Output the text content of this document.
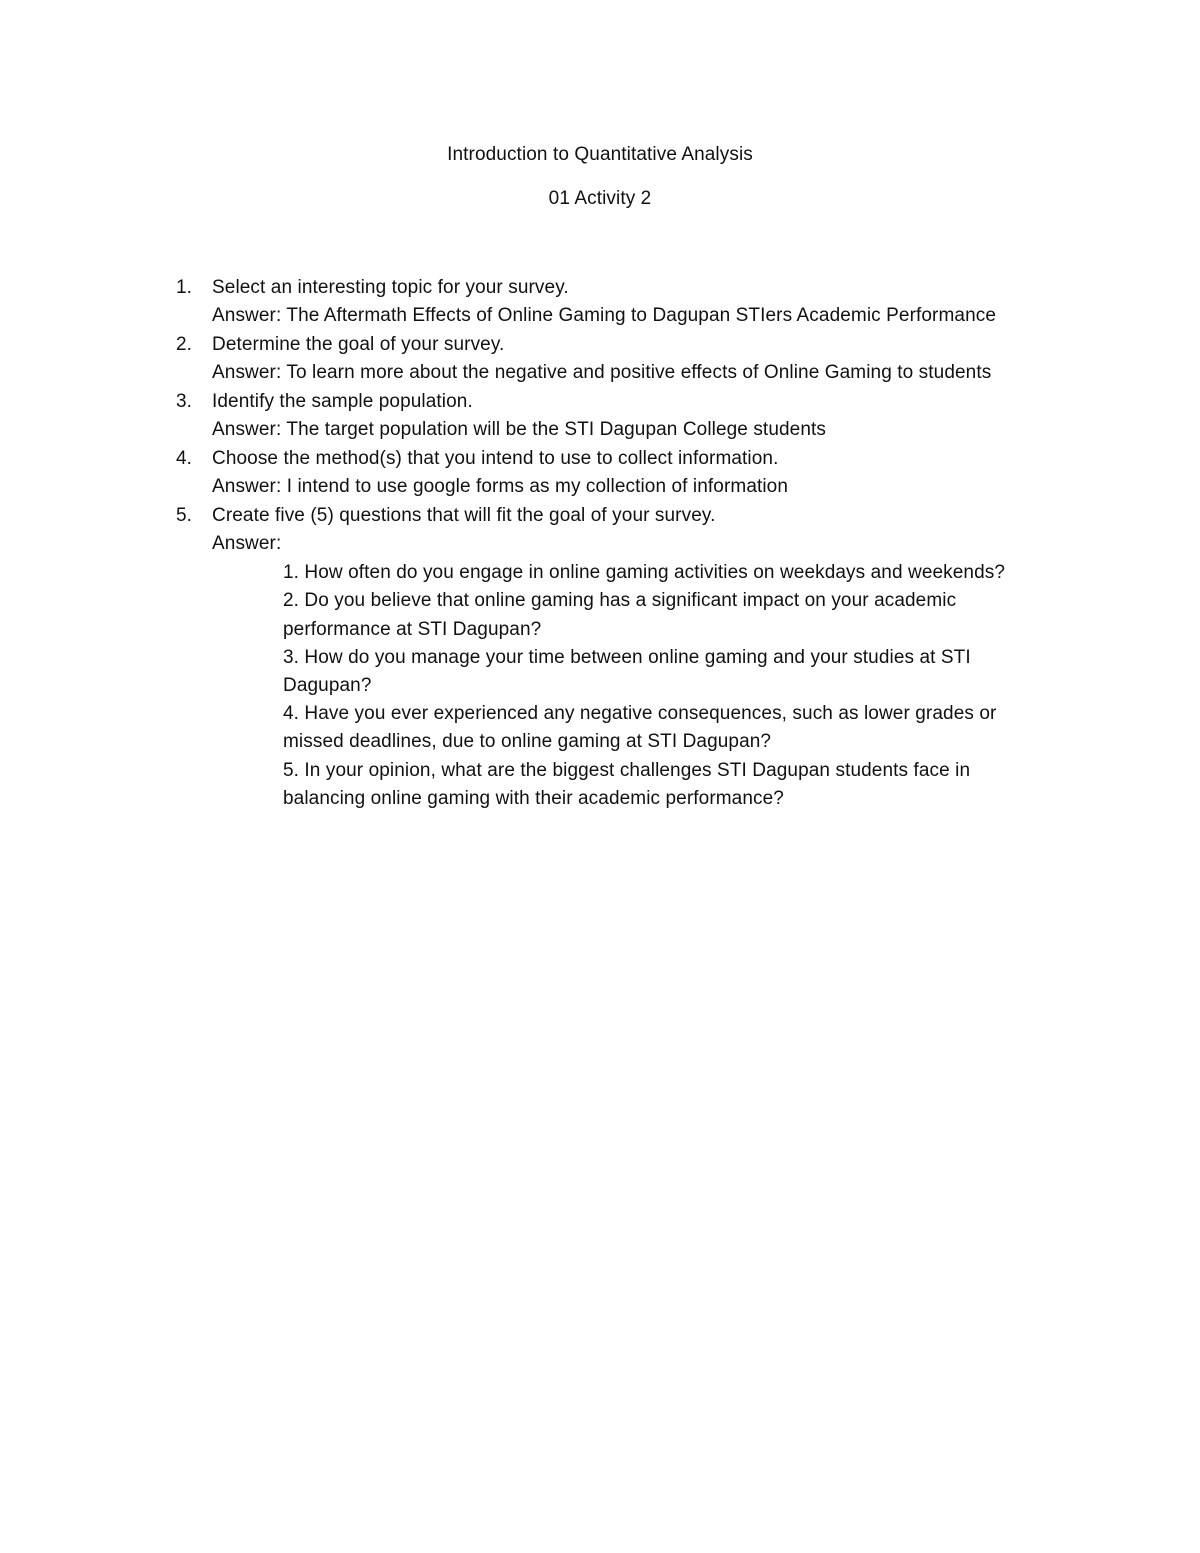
Introduction to Quantitative Analysis
01 Activity 2
1. Select an interesting topic for your survey.
Answer: The Aftermath Effects of Online Gaming to Dagupan STIers Academic Performance
2. Determine the goal of your survey.
Answer: To learn more about the negative and positive effects of Online Gaming to students
3. Identify the sample population.
Answer: The target population will be the STI Dagupan College students
4. Choose the method(s) that you intend to use to collect information.
Answer: I intend to use google forms as my collection of information
5. Create five (5) questions that will fit the goal of your survey.
Answer:
1. How often do you engage in online gaming activities on weekdays and weekends?
2. Do you believe that online gaming has a significant impact on your academic
performance at STI Dagupan?
3. How do you manage your time between online gaming and your studies at STI
Dagupan?
4. Have you ever experienced any negative consequences, such as lower grades or
missed deadlines, due to online gaming at STI Dagupan?
5. In your opinion, what are the biggest challenges STI Dagupan students face in
balancing online gaming with their academic performance?
